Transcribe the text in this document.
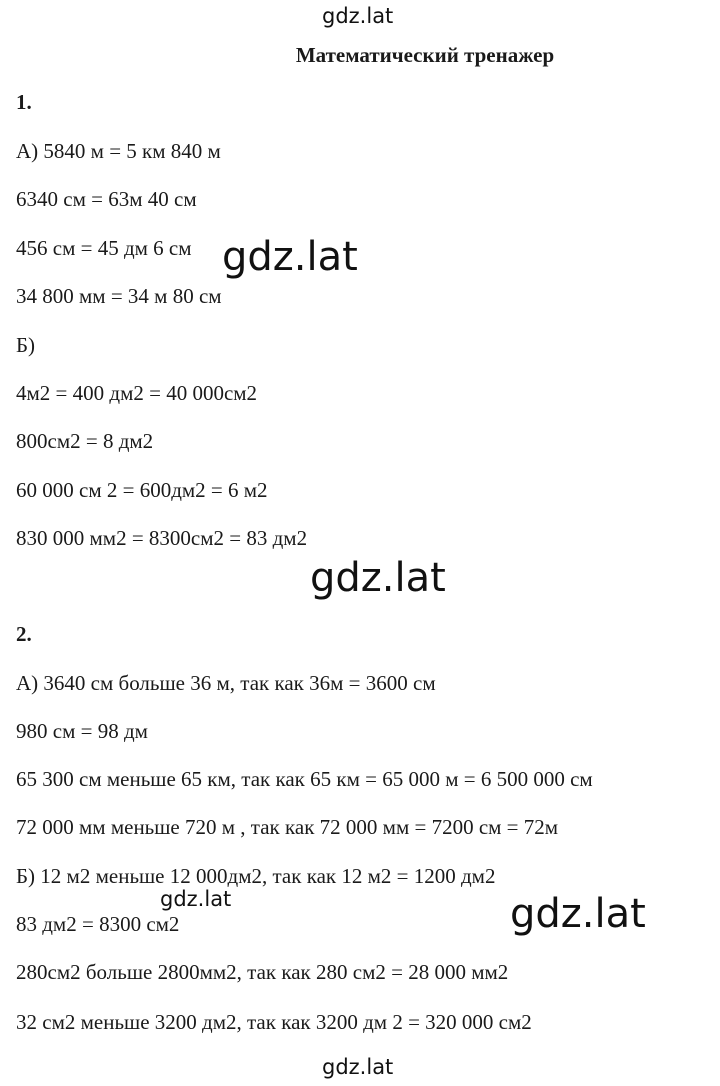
gdz.lat
Математический тренажер
1.
А) 5840 м = 5 км 840 м
6340 см = 63м 40 см
456 см = 45 дм 6 см
34 800 мм = 34 м 80 см
Б)
4м2 = 400 дм2 = 40 000см2
800см2 = 8 дм2
60 000 см 2 = 600дм2 = 6 м2
830 000 мм2 = 8300см2 = 83 дм2
gdz.lat
gdz.lat
2.
А) 3640 см больше 36 м, так как 36м = 3600 см
980 см = 98 дм
65 300 см меньше 65 км, так как 65 км = 65 000 м = 6 500 000 см
72 000 мм меньше 720 м , так как 72 000 мм = 7200 см = 72м
Б) 12 м2 меньше 12 000дм2, так как 12 м2 = 1200 дм2
83 дм2 = 8300 см2
280см2 больше 2800мм2, так как 280 см2 = 28 000 мм2
32 см2 меньше 3200 дм2, так как 3200 дм 2 = 320 000 см2
gdz.lat	gdz.lat
gdz.lat
